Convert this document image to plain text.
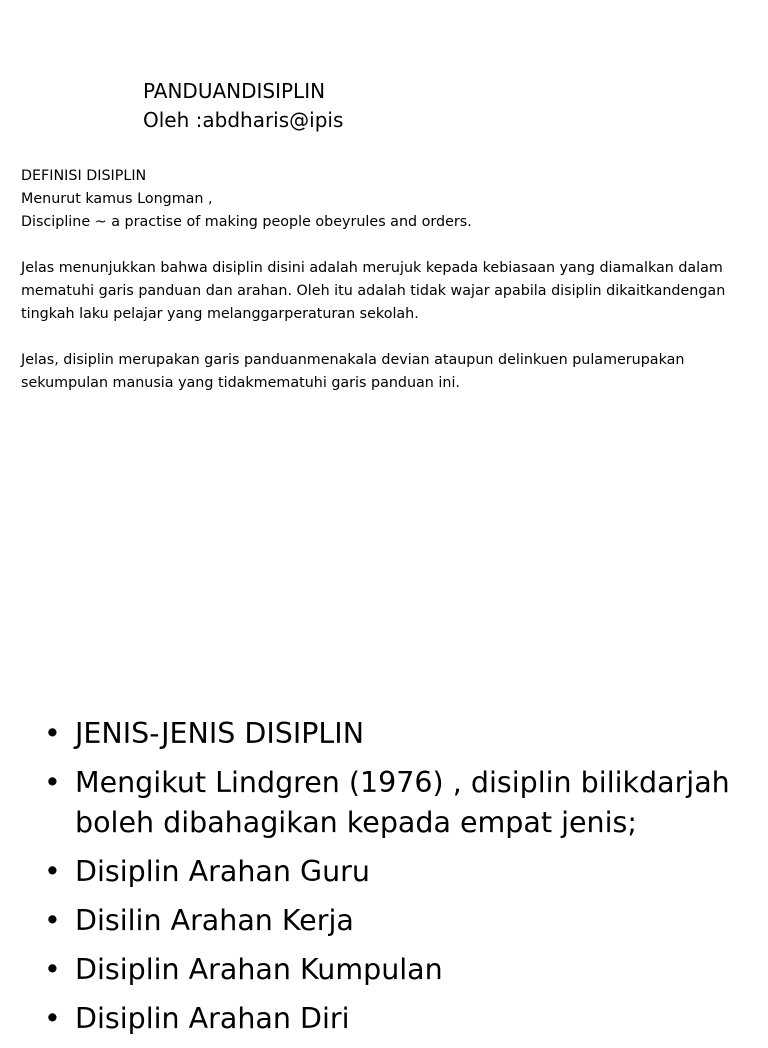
PANDUANDISIPLIN
Oleh :abdharis@ipis

DEFINISI DISIPLIN

Menurut kamus Longman ,

Discipline ~ a practise of making people obeyrules and orders.

Jelas menunjukkan bahwa disiplin disini adalah merujuk kepada kebiasaan yang diamalkan dalam mematuhi garis panduan dan arahan. Oleh itu adalah tidak wajar apabila disiplin dikaitkandengan tingkah laku pelajar yang melanggarperaturan sekolah.

Jelas, disiplin merupakan garis panduanmenakala devian ataupun delinkuen pulamerupakan sekumpulan manusia yang tidakmematuhi garis panduan ini.

• JENIS-JENIS DISIPLIN
• Mengikut Lindgren (1976) , disiplin bilikdarjah boleh dibahagikan kepada empat jenis;
• Disiplin Arahan Guru
• Disilin Arahan Kerja
• Disiplin Arahan Kumpulan
• Disiplin Arahan Diri
